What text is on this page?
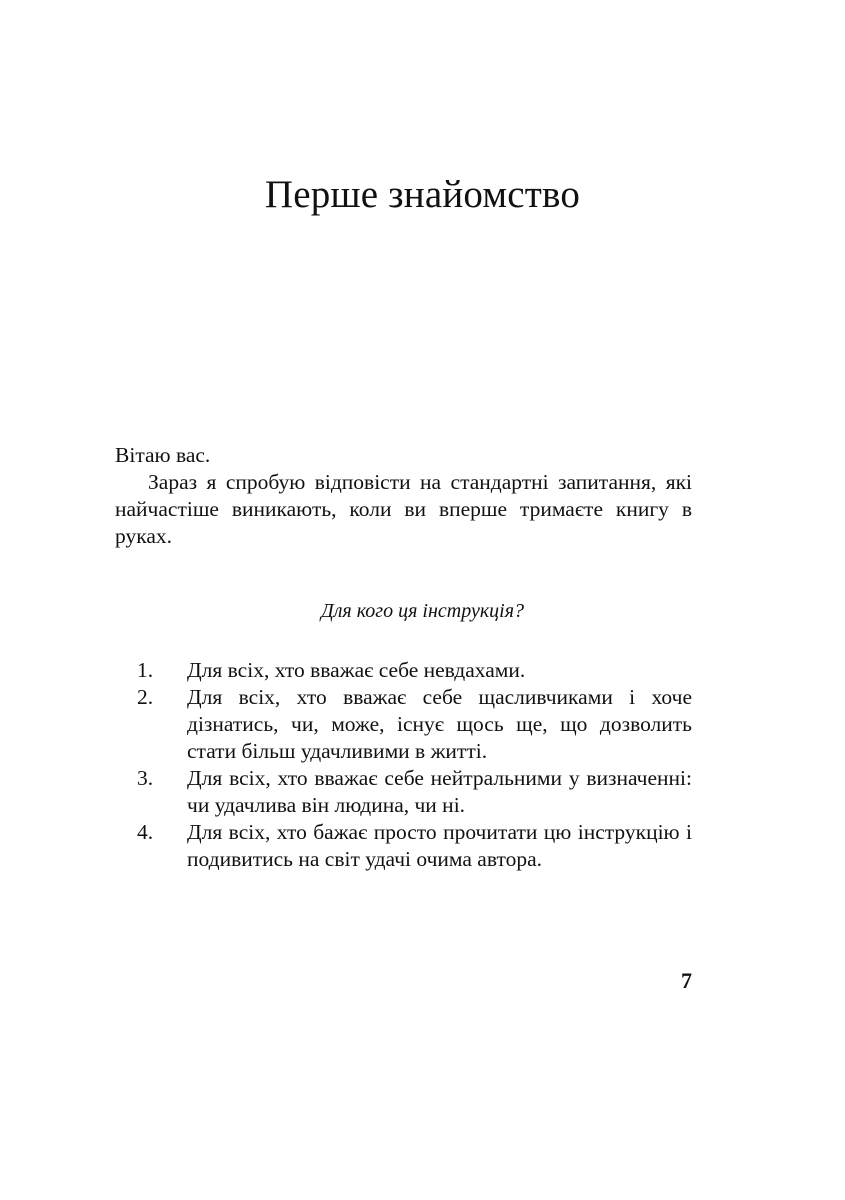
Перше знайомство
Вітаю вас.

Зараз я спробую відповісти на стандартні запитання, які найчастіше виникають, коли ви вперше тримаєте книгу в руках.

Для кого ця інструкція?
1. Для всіх, хто вважає себе невдахами.
2. Для всіх, хто вважає себе щасливчиками і хоче дізнатись, чи, може, існує щось ще, що дозволить стати більш удачливими в житті.
3. Для всіх, хто вважає себе нейтральними у визначенні: чи удачлива він людина, чи ні.
4. Для всіх, хто бажає просто прочитати цю інструкцію і подивитись на світ удачі очима автора.
7
